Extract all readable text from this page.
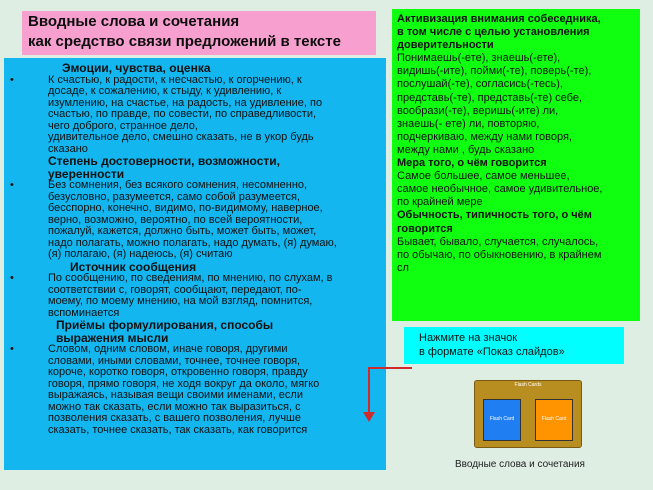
Вводные слова и сочетания
как средство связи предложений в тексте
Эмоции, чувства, оценка
•	К счастью, к радости, к несчастью, к огорчению, к
досаде, к сожалению, к стыду, к удивлению, к
изумлению, на счастье, на радость, на удивление, по
счастью, по правде, по совести, по справедливости,
чего доброго, странное дело,
удивительное дело, смешно сказать, не в укор будь
сказано
Степень достоверности, возможности,
уверенности
•	Без сомнения, без всякого сомнения, несомненно,
безусловно, разумеется, само собой разумеется,
бесспорно, конечно, видимо, по-видимому, наверное,
верно, возможно, вероятно, по всей вероятности,
пожалуй, кажется, должно быть, может быть, может,
надо полагать, можно полагать, надо думать, (я) думаю,
(я) полагаю, (я) надеюсь, (я) считаю
Источник сообщения
•	По сообщению, по сведениям, по мнению, по слухам, в
соответствии с, говорят, сообщают, передают, по-
моему, по моему мнению, на мой взгляд, помнится,
вспоминается
Приёмы формулирования, способы
выражения мысли
•	Словом, одним словом, иначе говоря, другими
словами, иными словами, точнее, точнее говоря,
короче, коротко говоря, откровенно говоря, правду
говоря, прямо говоря, не ходя вокруг да около, мягко
выражаясь, называя вещи своими именами, если
можно так сказать, если можно так выразиться, с
позволения сказать, с вашего позволения, лучше
сказать, точнее сказать, так сказать, как говорится
Активизация внимания собеседника,
в том числе с целью установления
доверительности
Понимаешь(-ете), знаешь(-ете),
видишь(-ите), пойми(-те), поверь(-те),
послушай(-те), согласись(-тесь),
представь(-те), представь(-те) себе,
вообрази(-те), веришь(-ите) ли,
знаешь(- ете) ли, повторяю,
подчеркиваю, между нами говоря,
между нами , будь сказано
Мера того, о чём говорится
Самое большее, самое меньшее,
самое необычное, самое удивительное,
по крайней мере
Обычность, типичность того, о чём
говорится
Бывает, бывало, случается, случалось,
по обычаю, по обыкновению, в крайнем
сл
Нажмите на значок
в формате «Показ слайдов»
Flash Cards
Flash Card	Flash Card
Вводные слова и сочетания
